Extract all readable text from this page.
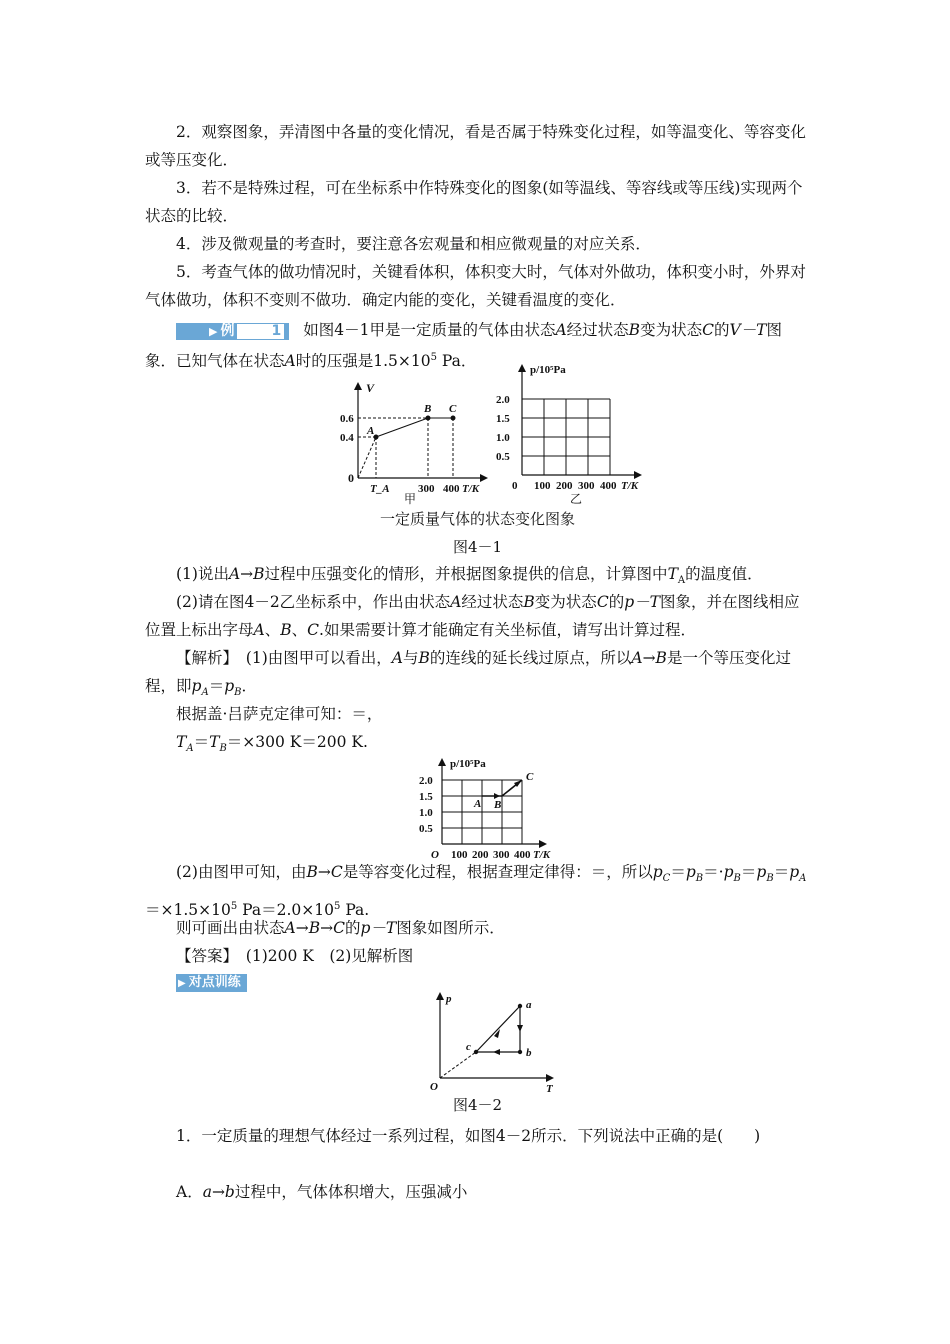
2．观察图象，弄清图中各量的变化情况，看是否属于特殊变化过程，如等温变化、等容变化或等压变化．
3．若不是特殊过程，可在坐标系中作特殊变化的图象(如等温线、等容线或等压线)实现两个状态的比较．
4．涉及微观量的考查时，要注意各宏观量和相应微观量的对应关系．
5．考查气体的做功情况时，关键看体积，体积变大时，气体对外做功，体积变小时，外界对气体做功，体积不变则不做功．确定内能的变化，关键看温度的变化．
▶ 例	1 如图4－1甲是一定质量的气体由状态A经过状态B变为状态C的V－T图象．已知气体在状态A时的压强是$1.5\times 10^5$ Pa．
V
0
0.6
0.4
A
B C
T_A	300 400 T/K
甲
p/10⁵Pa
2.0
1.5
1.0
0.5
0 100 200 300 400 T/K
乙
一定质量气体的状态变化图象
图4－1
(1)说出A→B过程中压强变化的情形，并根据图象提供的信息，计算图中$T_A$的温度值．
(2)请在图4－2乙坐标系中，作出由状态A经过状态B变为状态C的p－T图象，并在图线相应位置上标出字母A、B、C.如果需要计算才能确定有关坐标值，请写出计算过程．
【解析】　 (1)由图甲可以看出，A与B的连线的延长线过原点，所以A→B是一个等压变化过程，即$p_A=p_B$．
根据盖·吕萨克定律可知：＝，
$T_A=T_B=\times 300$ K＝200 K.
p/10⁵Pa
2.0
1.5
1.0
0.5
A B
C
O 100 200 300 400 T/K
(2)由图甲可知，由B→C是等容变化过程，根据查理定律得：＝，所以$p_C=p_B=\cdot p_B=p_B=p_A=\times 1.5\times 10^5$ $Pa=2.0\times 10^5$ Pa.
则可画出由状态A→B→C的p－T图象如图所示．
【答案】　 (1)200 K　(2)见解析图
▶ 对点训练
p
T
O
a
b
c
图4－2
1．一定质量的理想气体经过一系列过程，如图4－2所示．下列说法中正确的是(　　)
A．a→b过程中，气体体积增大，压强减小
